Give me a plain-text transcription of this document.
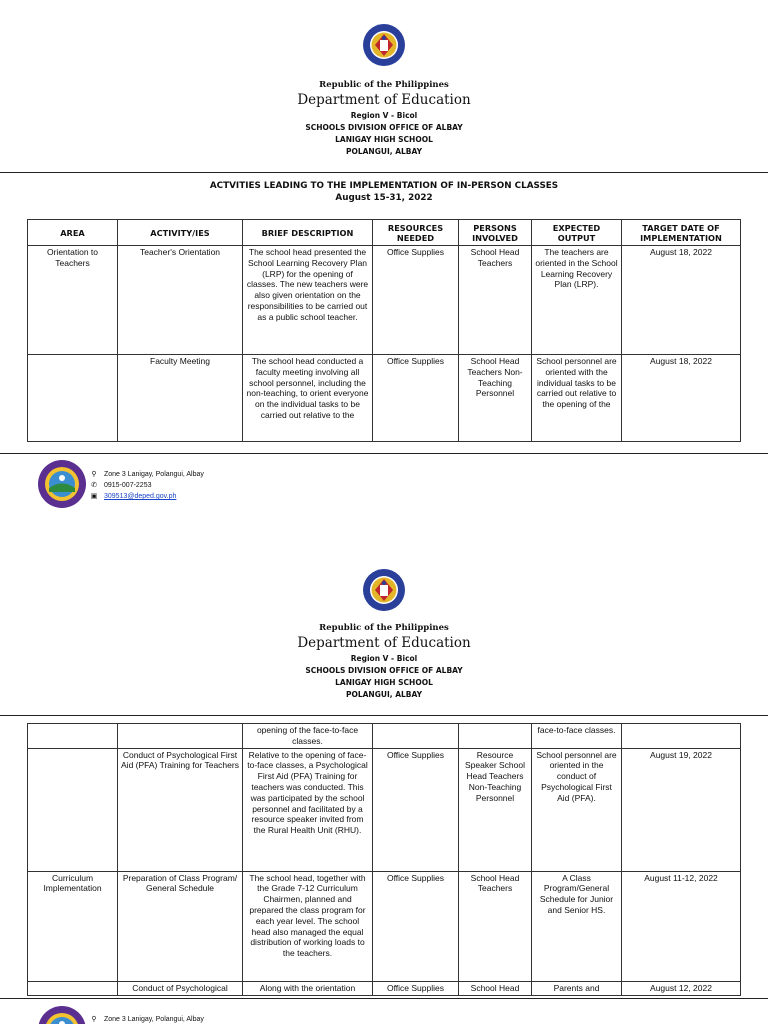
Republic of the Philippines
Department of Education
Region V - Bicol
SCHOOLS DIVISION OFFICE OF ALBAY
LANIGAY HIGH SCHOOL
POLANGUI, ALBAY
ACTVITIES LEADING TO THE IMPLEMENTATION OF IN-PERSON CLASSES
August 15-31, 2022
AREA	ACTIVITY/IES	BRIEF DESCRIPTION	RESOURCES NEEDED	PERSONS INVOLVED	EXPECTED OUTPUT	TARGET DATE OF IMPLEMENTATION
Orientation to Teachers	Teacher's Orientation	The school head presented the School Learning Recovery Plan (LRP) for the opening of classes. The new teachers were also given orientation on the responsibilities to be carried out as a public school teacher.	Office Supplies	School Head Teachers	The teachers are oriented in the School Learning Recovery Plan (LRP).	August 18, 2022
	Faculty Meeting	The school head conducted a faculty meeting involving all school personnel, including the non-teaching, to orient everyone on the individual tasks to be carried out relative to the	Office Supplies	School Head Teachers Non-Teaching Personnel	School personnel are oriented with the individual tasks to be carried out relative to the opening of the	August 18, 2022
⚲ Zone 3 Lanigay, Polangui, Albay
✆ 0915-007-2253
▣ 309513@deped.gov.ph
Republic of the Philippines
Department of Education
Region V - Bicol
SCHOOLS DIVISION OFFICE OF ALBAY
LANIGAY HIGH SCHOOL
POLANGUI, ALBAY
		opening of the face-to-face classes.			face-to-face classes.	
	Conduct of Psychological First Aid (PFA) Training for Teachers	Relative to the opening of face-to-face classes, a Psychological First Aid (PFA) Training for teachers was conducted. This was participated by the school personnel and facilitated by a resource speaker invited from the Rural Health Unit (RHU).	Office Supplies	Resource Speaker School Head Teachers Non-Teaching Personnel	School personnel are oriented in the conduct of Psychological First Aid (PFA).	August 19, 2022
Curriculum Implementation	Preparation of Class Program/ General Schedule	The school head, together with the Grade 7-12 Curriculum Chairmen, planned and prepared the class program for each year level. The school head also managed the equal distribution of working loads to the teachers.	Office Supplies	School Head Teachers	A Class Program/General Schedule for Junior and Senior HS.	August 11-12, 2022
	Conduct of Psychological	Along with the orientation	Office Supplies	School Head	Parents and	August 12, 2022
⚲ Zone 3 Lanigay, Polangui, Albay
